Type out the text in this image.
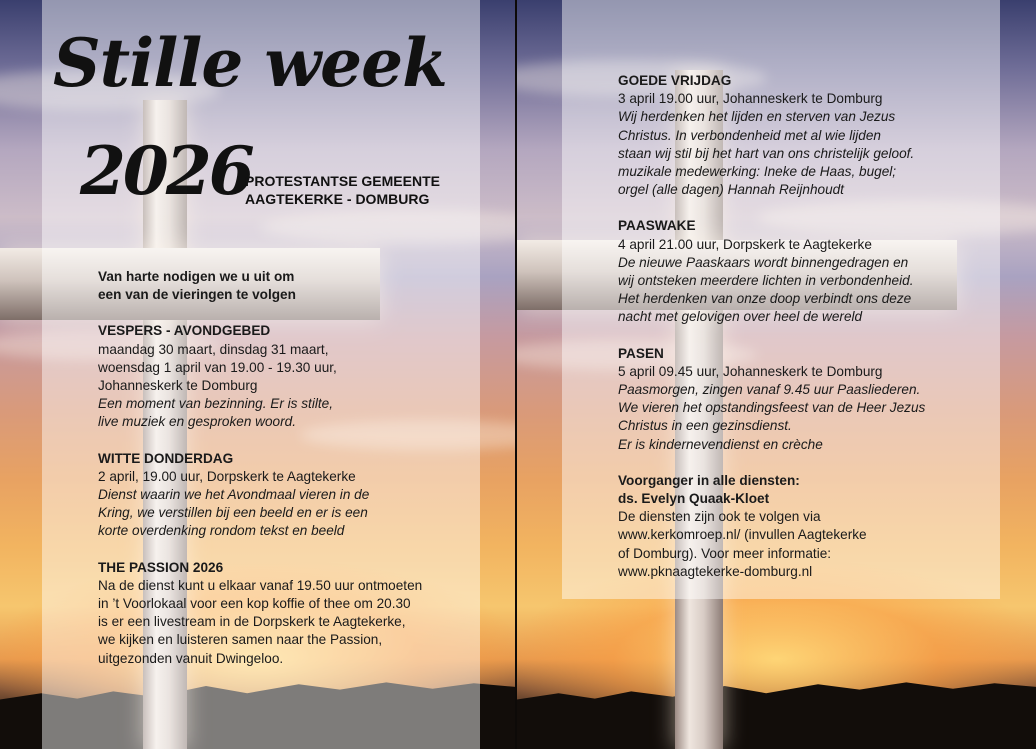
Stille week
2026
PROTESTANTSE GEMEENTE
AAGTEKERKE - DOMBURG
Van harte nodigen we u uit om
een van de vieringen te volgen
VESPERS - AVONDGEBED
maandag 30 maart, dinsdag 31 maart,
woensdag 1 april van 19.00 - 19.30 uur,
Johanneskerk te Domburg
Een moment van bezinning. Er is stilte,
live muziek en gesproken woord.
WITTE DONDERDAG
2 april, 19.00 uur, Dorpskerk te Aagtekerke
Dienst waarin we het Avondmaal vieren in de
Kring, we verstillen bij een beeld en er is een
korte overdenking rondom tekst en beeld
THE PASSION 2026
Na de dienst kunt u elkaar vanaf 19.50 uur ontmoeten
in ’t Voorlokaal voor een kop koffie of thee om 20.30
is er een livestream in de Dorpskerk te Aagtekerke,
we kijken en luisteren samen naar the Passion,
uitgezonden vanuit Dwingeloo.
GOEDE VRIJDAG
3 april 19.00 uur, Johanneskerk te Domburg
Wij herdenken het lijden en sterven van Jezus
Christus. In verbondenheid met al wie lijden
staan wij stil bij het hart van ons christelijk geloof.
muzikale medewerking: Ineke de Haas, bugel;
orgel (alle dagen) Hannah Reijnhoudt
PAASWAKE
4 april 21.00 uur, Dorpskerk te Aagtekerke
De nieuwe Paaskaars wordt binnengedragen en
wij ontsteken meerdere lichten in verbondenheid.
Het herdenken van onze doop verbindt ons deze
nacht met gelovigen over heel de wereld
PASEN
5 april 09.45 uur, Johanneskerk te Domburg
Paasmorgen, zingen vanaf 9.45 uur Paasliederen.
We vieren het opstandingsfeest van de Heer Jezus
Christus in een gezinsdienst.
Er is kindernevendienst en crèche
Voorganger in alle diensten:
ds. Evelyn Quaak-Kloet
De diensten zijn ook te volgen via
www.kerkomroep.nl/ (invullen Aagtekerke
of Domburg). Voor meer informatie:
www.pknaagtekerke-domburg.nl
